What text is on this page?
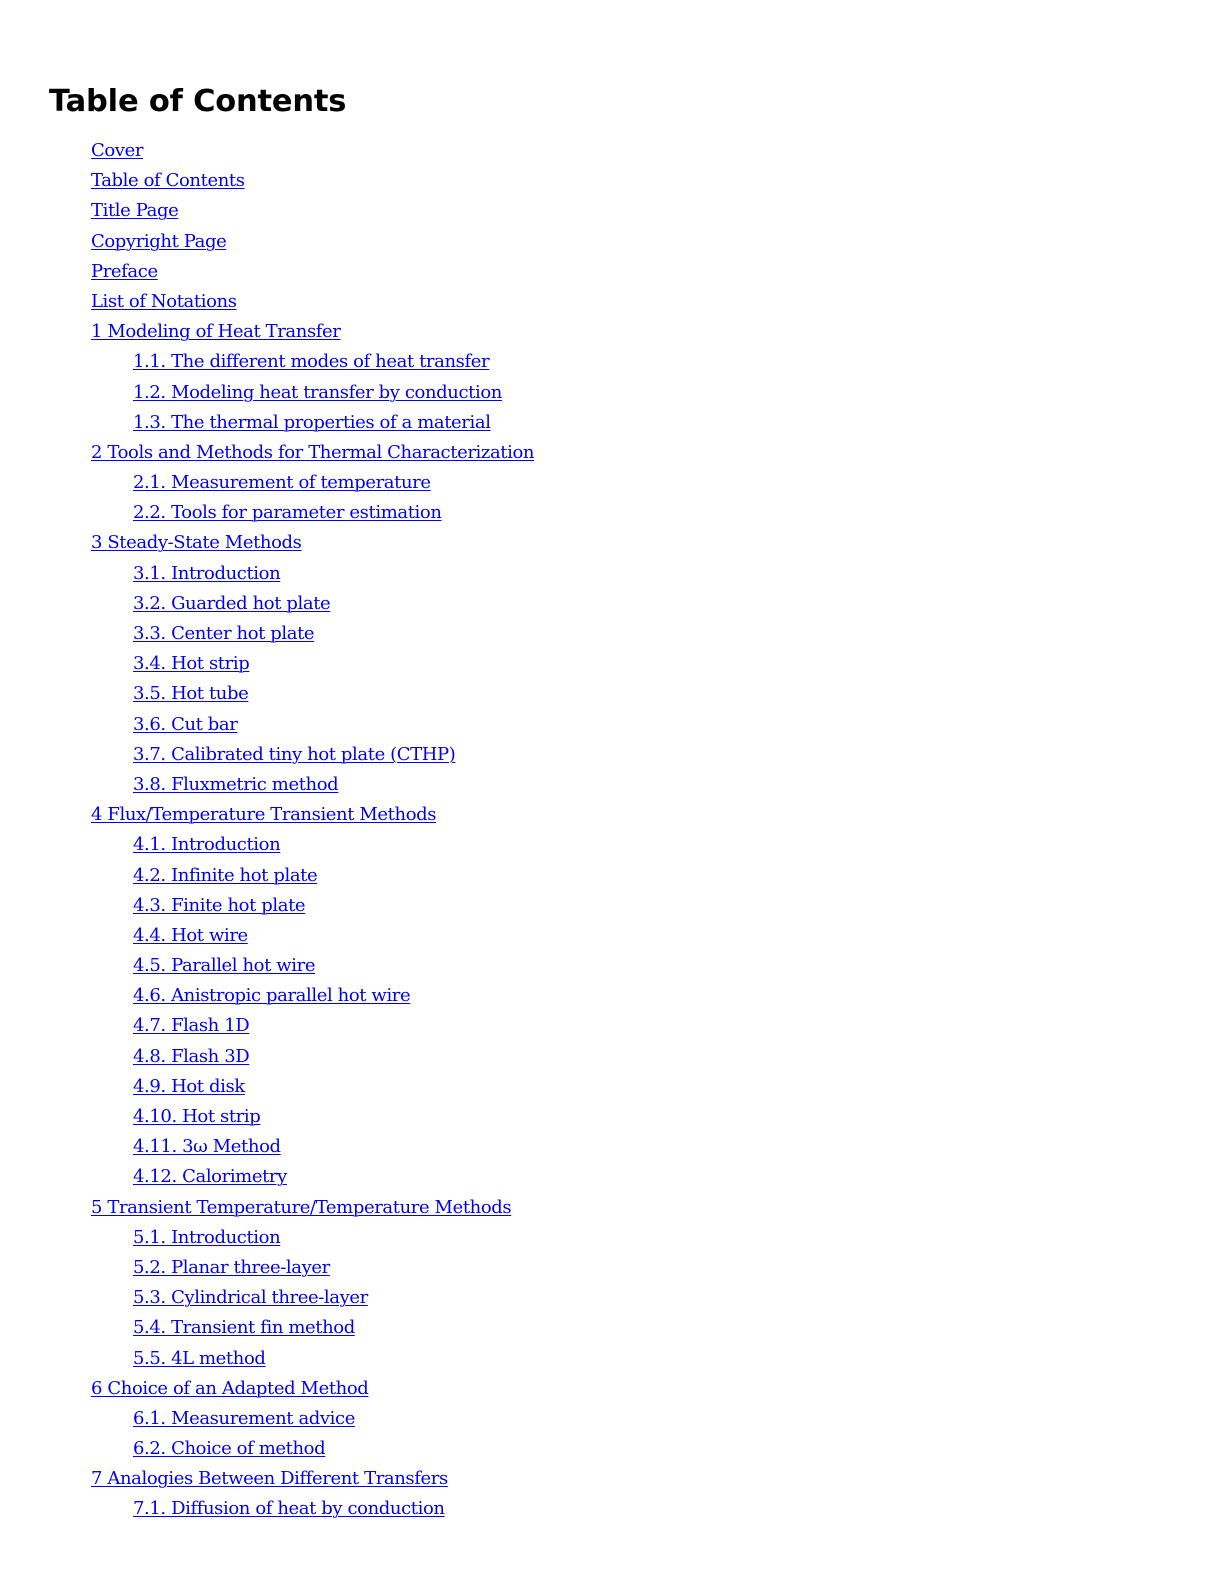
Table of Contents
Cover
Table of Contents
Title Page
Copyright Page
Preface
List of Notations
1 Modeling of Heat Transfer
1.1. The different modes of heat transfer
1.2. Modeling heat transfer by conduction
1.3. The thermal properties of a material
2 Tools and Methods for Thermal Characterization
2.1. Measurement of temperature
2.2. Tools for parameter estimation
3 Steady-State Methods
3.1. Introduction
3.2. Guarded hot plate
3.3. Center hot plate
3.4. Hot strip
3.5. Hot tube
3.6. Cut bar
3.7. Calibrated tiny hot plate (CTHP)
3.8. Fluxmetric method
4 Flux/Temperature Transient Methods
4.1. Introduction
4.2. Infinite hot plate
4.3. Finite hot plate
4.4. Hot wire
4.5. Parallel hot wire
4.6. Anistropic parallel hot wire
4.7. Flash 1D
4.8. Flash 3D
4.9. Hot disk
4.10. Hot strip
4.11. 3ω Method
4.12. Calorimetry
5 Transient Temperature/Temperature Methods
5.1. Introduction
5.2. Planar three-layer
5.3. Cylindrical three-layer
5.4. Transient fin method
5.5. 4L method
6 Choice of an Adapted Method
6.1. Measurement advice
6.2. Choice of method
7 Analogies Between Different Transfers
7.1. Diffusion of heat by conduction
